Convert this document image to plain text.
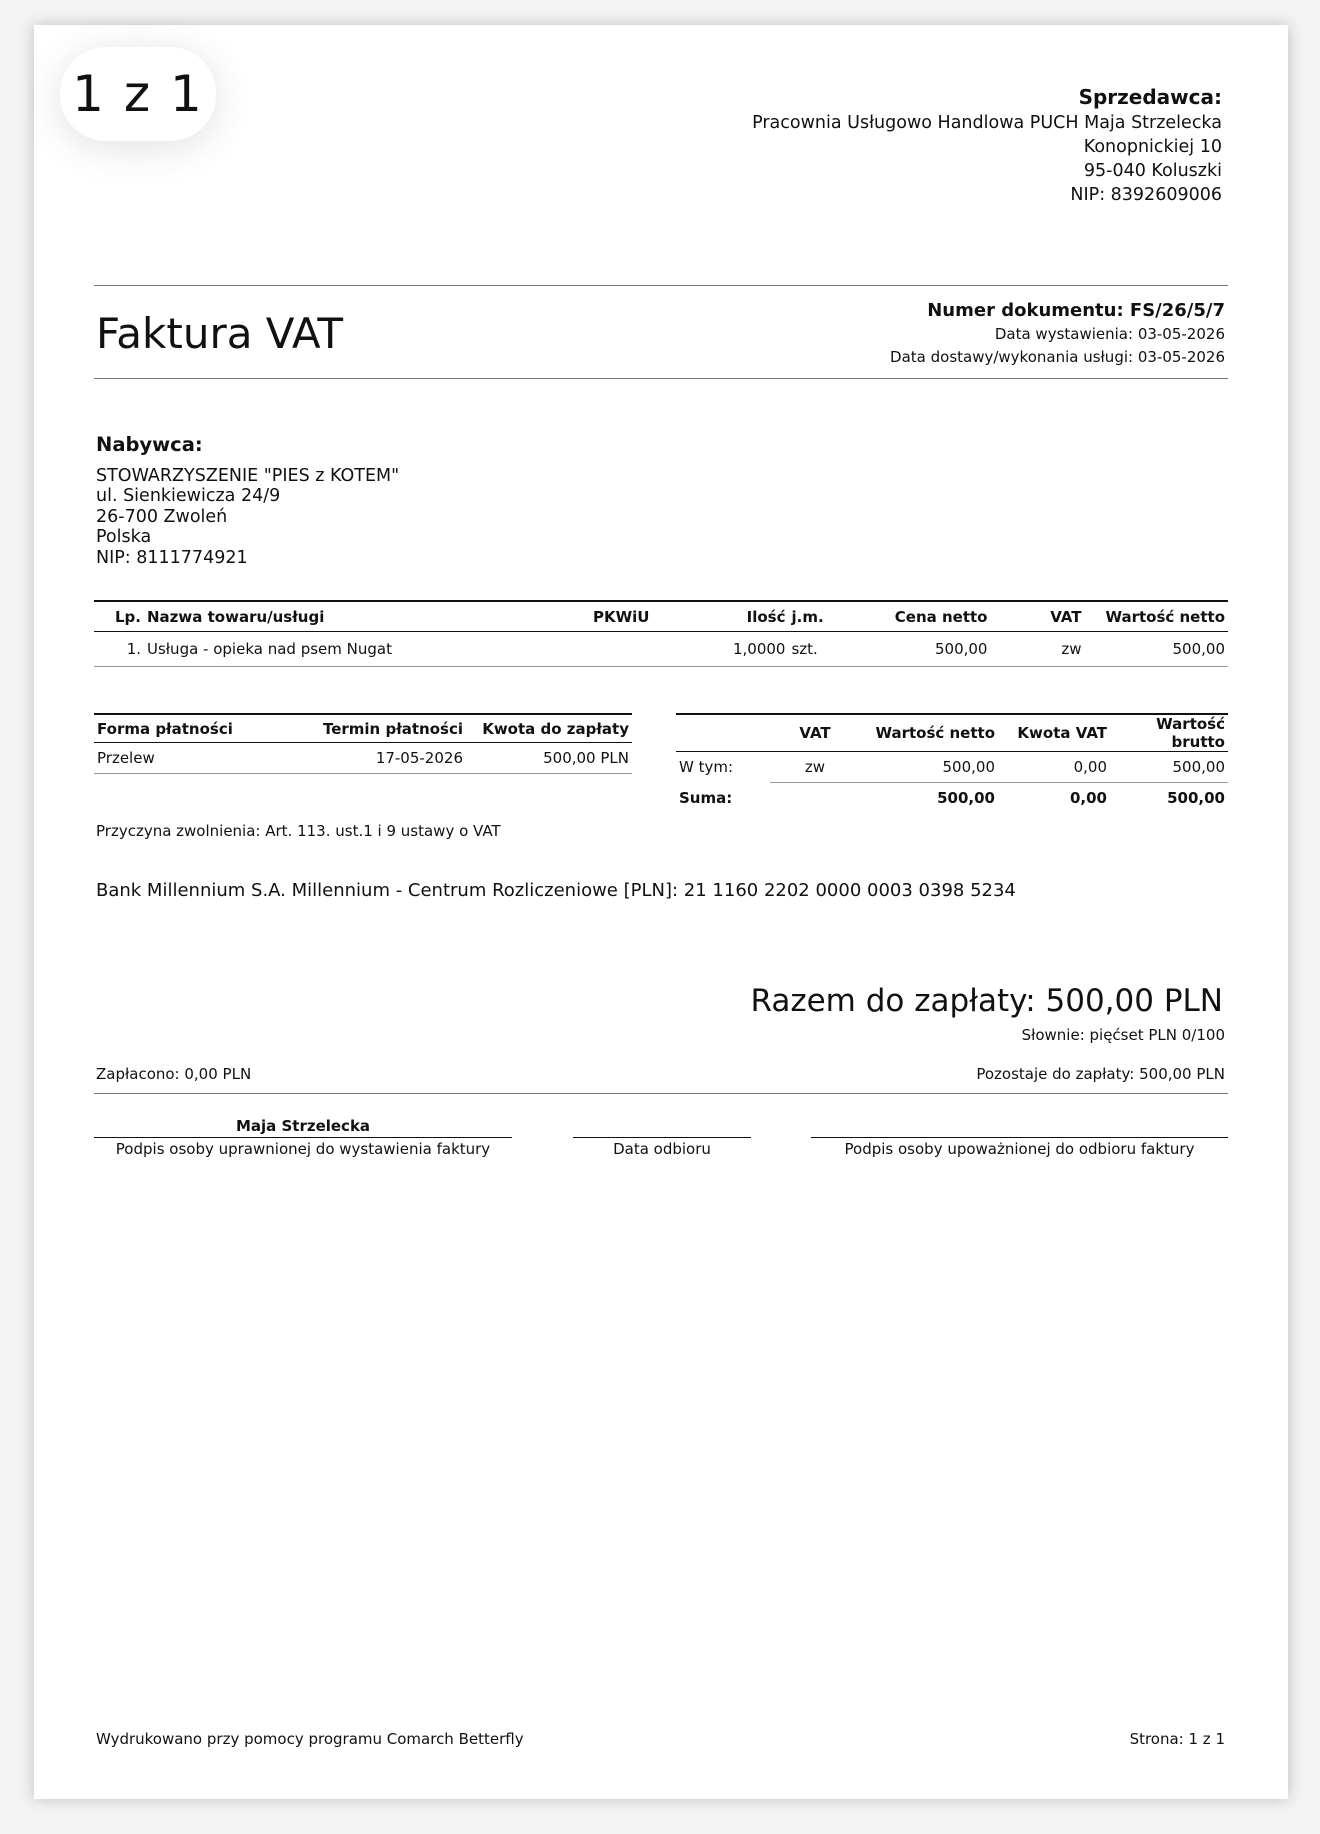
1 z 1	Sprzedawca:
Pracownia Usługowo Handlowa PUCH Maja Strzelecka
Konopnickiej 10
95-040 Koluszki
NIP: 8392609006
Faktura VAT	Numer dokumentu: FS/26/5/7
Data wystawienia: 03-05-2026
Data dostawy/wykonania usługi: 03-05-2026
Nabywca:
STOWARZYSZENIE "PIES z KOTEM"
ul. Sienkiewicza 24/9
26-700 Zwoleń
Polska
NIP: 8111774921
Lp.	Nazwa towaru/usługi	PKWiU	Ilość	j.m.	Cena netto	VAT	Wartość netto
1.	Usługa - opieka nad psem Nugat		1,0000	szt.	500,00	zw	500,00
Forma płatności	Termin płatności	Kwota do zapłaty
Przelew	17-05-2026	500,00 PLN
	VAT	Wartość netto	Kwota VAT	Wartość brutto
W tym:	zw	500,00	0,00	500,00
Suma:		500,00	0,00	500,00
Przyczyna zwolnienia: Art. 113. ust.1 i 9 ustawy o VAT
Bank Millennium S.A. Millennium - Centrum Rozliczeniowe [PLN]: 21 1160 2202 0000 0003 0398 5234
Razem do zapłaty: 500,00 PLN
Słownie: pięćset PLN 0/100
Zapłacono: 0,00 PLN	Pozostaje do zapłaty: 500,00 PLN
Maja Strzelecka
Podpis osoby uprawnionej do wystawienia faktury	Data odbioru	Podpis osoby upoważnionej do odbioru faktury
Wydrukowano przy pomocy programu Comarch Betterfly	Strona: 1 z 1
